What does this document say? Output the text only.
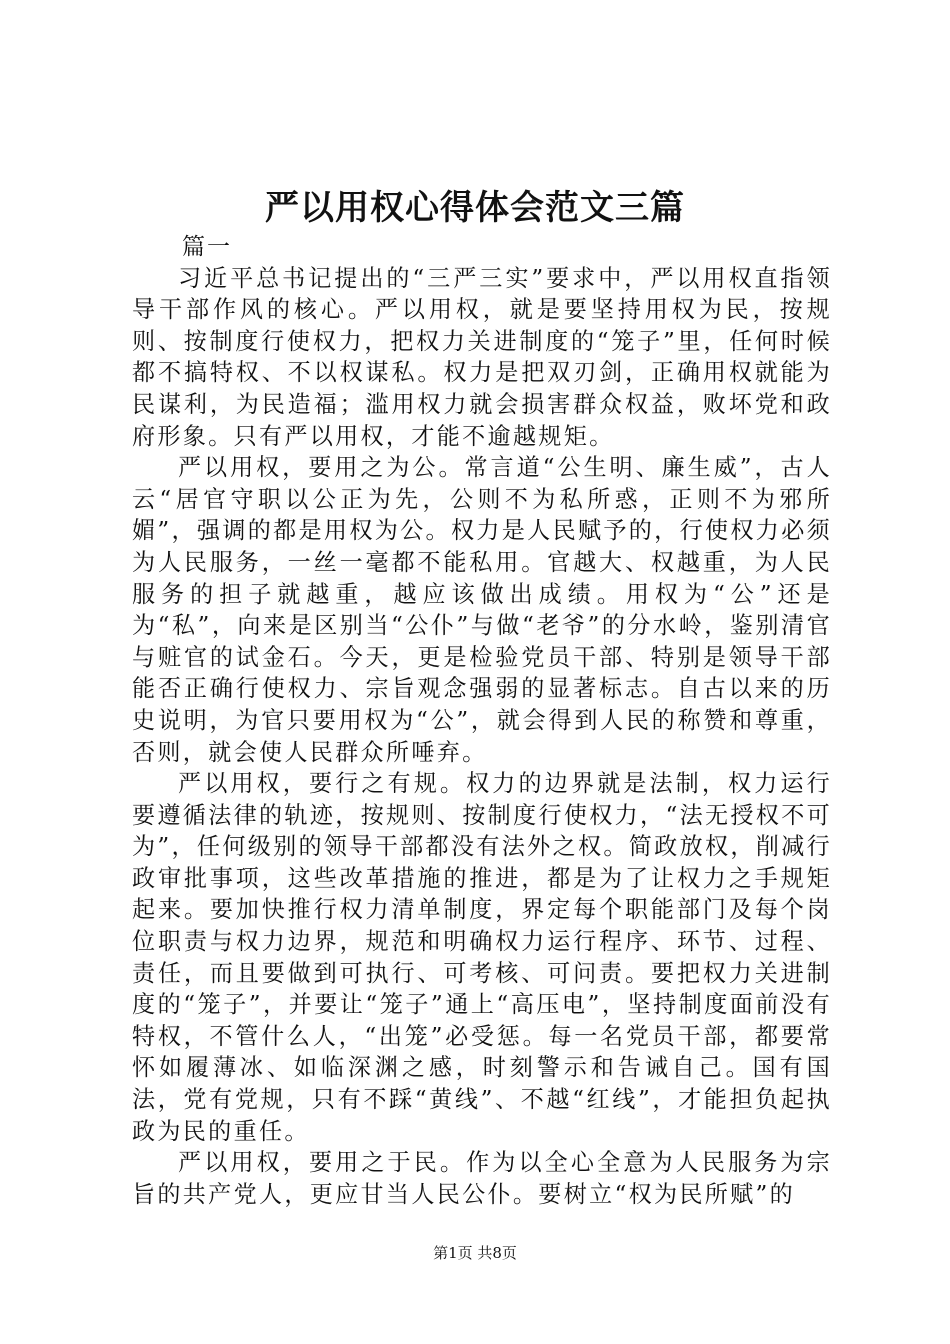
严以用权心得体会范文三篇

篇一

习近平总书记提出的“三严三实”要求中，严以用权直指领导干部作风的核心。严以用权，就是要坚持用权为民，按规则、按制度行使权力，把权力关进制度的“笼子”里，任何时候都不搞特权、不以权谋私。权力是把双刃剑，正确用权就能为民谋利，为民造福；滥用权力就会损害群众权益，败坏党和政府形象。只有严以用权，才能不逾越规矩。

严以用权，要用之为公。常言道“公生明、廉生威”，古人云“居官守职以公正为先，公则不为私所惑，正则不为邪所媚”，强调的都是用权为公。权力是人民赋予的，行使权力必须为人民服务，一丝一毫都不能私用。官越大、权越重，为人民服务的担子就越重，越应该做出成绩。用权为“公”还是为“私”，向来是区别当“公仆”与做“老爷”的分水岭，鉴别清官与赃官的试金石。今天，更是检验党员干部、特别是领导干部能否正确行使权力、宗旨观念强弱的显著标志。自古以来的历史说明，为官只要用权为“公”，就会得到人民的称赞和尊重，否则，就会使人民群众所唾弃。

严以用权，要行之有规。权力的边界就是法制，权力运行要遵循法律的轨迹，按规则、按制度行使权力，“法无授权不可为”，任何级别的领导干部都没有法外之权。简政放权，削减行政审批事项，这些改革措施的推进，都是为了让权力之手规矩起来。要加快推行权力清单制度，界定每个职能部门及每个岗位职责与权力边界，规范和明确权力运行程序、环节、过程、责任，而且要做到可执行、可考核、可问责。要把权力关进制度的“笼子”，并要让“笼子”通上“高压电”，坚持制度面前没有特权，不管什么人，“出笼”必受惩。每一名党员干部，都要常怀如履薄冰、如临深渊之感，时刻警示和告诫自己。国有国法，党有党规，只有不踩“黄线”、不越“红线”，才能担负起执政为民的重任。

严以用权，要用之于民。作为以全心全意为人民服务为宗旨的共产党人，更应甘当人民公仆。要树立“权为民所赋”的

第1页 共8页
